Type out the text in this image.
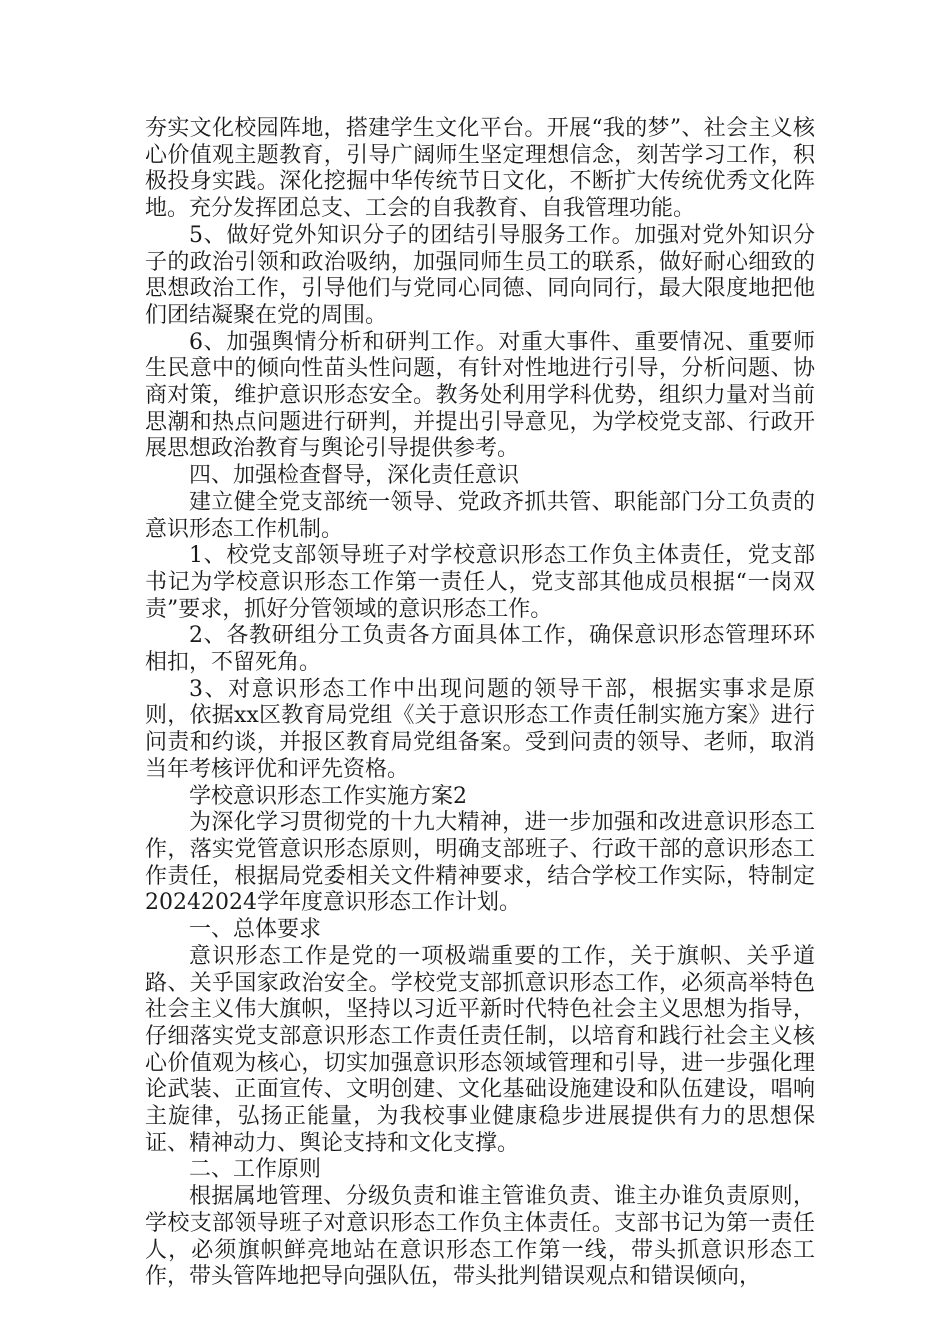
夯实文化校园阵地，搭建学生文化平台。开展“我的梦”、社会主义核心价值观主题教育，引导广阔师生坚定理想信念，刻苦学习工作，积极投身实践。深化挖掘中华传统节日文化，不断扩大传统优秀文化阵地。充分发挥团总支、工会的自我教育、自我管理功能。

5、做好党外知识分子的团结引导服务工作。加强对党外知识分子的政治引领和政治吸纳，加强同师生员工的联系，做好耐心细致的思想政治工作，引导他们与党同心同德、同向同行，最大限度地把他们团结凝聚在党的周围。

6、加强舆情分析和研判工作。对重大事件、重要情况、重要师生民意中的倾向性苗头性问题，有针对性地进行引导，分析问题、协商对策，维护意识形态安全。教务处利用学科优势，组织力量对当前思潮和热点问题进行研判，并提出引导意见，为学校党支部、行政开展思想政治教育与舆论引导提供参考。

四、加强检查督导，深化责任意识

建立健全党支部统一领导、党政齐抓共管、职能部门分工负责的意识形态工作机制。

1、校党支部领导班子对学校意识形态工作负主体责任，党支部书记为学校意识形态工作第一责任人，党支部其他成员根据“一岗双责”要求，抓好分管领域的意识形态工作。

2、各教研组分工负责各方面具体工作，确保意识形态管理环环相扣，不留死角。

3、对意识形态工作中出现问题的领导干部，根据实事求是原则，依据xx区教育局党组《关于意识形态工作责任制实施方案》进行问责和约谈，并报区教育局党组备案。受到问责的领导、老师，取消当年考核评优和评先资格。

学校意识形态工作实施方案2

为深化学习贯彻党的十九大精神，进一步加强和改进意识形态工作，落实党管意识形态原则，明确支部班子、行政干部的意识形态工作责任，根据局党委相关文件精神要求，结合学校工作实际，特制定20242024学年度意识形态工作计划。

一、总体要求

意识形态工作是党的一项极端重要的工作，关于旗帜、关乎道路、关乎国家政治安全。学校党支部抓意识形态工作，必须高举特色社会主义伟大旗帜，坚持以习近平新时代特色社会主义思想为指导，仔细落实党支部意识形态工作责任责任制，以培育和践行社会主义核心价值观为核心，切实加强意识形态领域管理和引导，进一步强化理论武装、正面宣传、文明创建、文化基础设施建设和队伍建设，唱响主旋律，弘扬正能量，为我校事业健康稳步进展提供有力的思想保证、精神动力、舆论支持和文化支撑。

二、工作原则

根据属地管理、分级负责和谁主管谁负责、谁主办谁负责原则，学校支部领导班子对意识形态工作负主体责任。支部书记为第一责任人，必须旗帜鲜亮地站在意识形态工作第一线，带头抓意识形态工作，带头管阵地把导向强队伍，带头批判错误观点和错误倾向，
